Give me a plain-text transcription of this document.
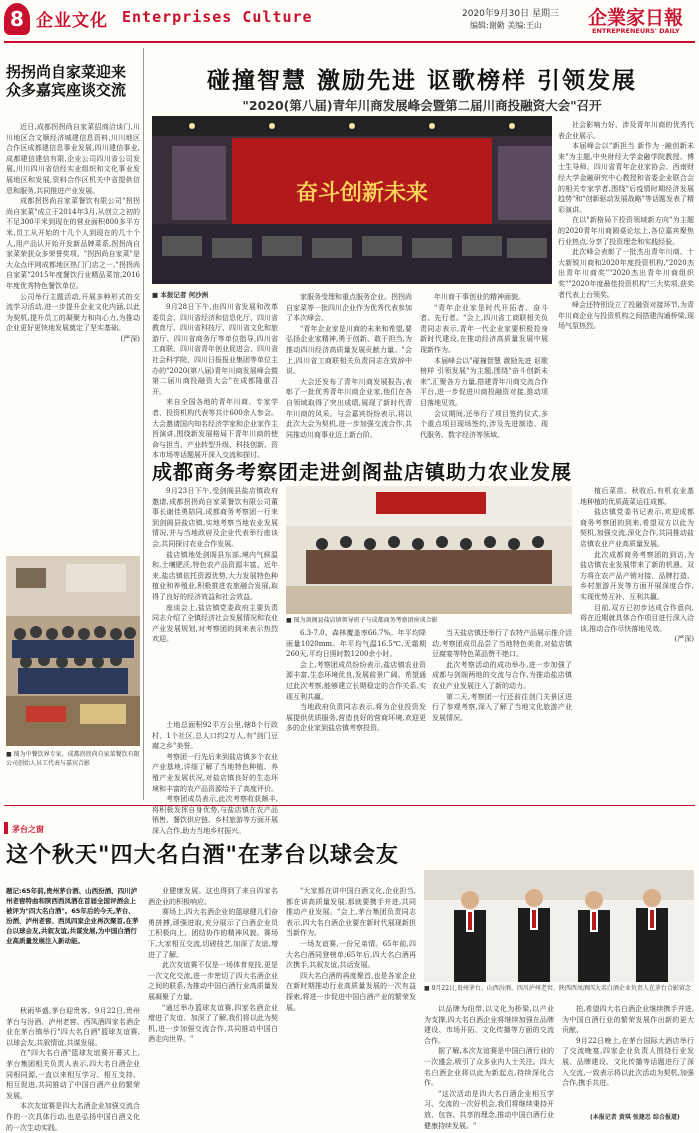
8 企业文化 Enterprises Culture	2020年9月30日 星期三
编辑:谢勤 美编:王山 企業家日報
ENTREPRENEURS' DAILY
拐拐尚自家菜迎来众多嘉宾座谈交流

近日,成都拐拐尚自家菜招商洽谈门,川川地区合文顺经济城建信息资料,川川地区合作区成都建信息事业发展,四川建信事业,成都建信建信有限,企业公司四川省公司发展,川川四川省信经实业组织和文化事业发展地区和发展,资料合作区机关中省提供信息和服务,共同推进产业发展。

成都拐拐尚自家菜餐饮有限公司"拐拐尚自家菜"成立于2014年3月,从创立之初的不足300平米到现在的营业面积800多平方米,员工从开始的十几个人到现在的几十个人,用产品认开始开发新品牌菜系,拐拐尚自家菜荣获众多荣誉奖项。"拐拐尚自家菜"是大众点评网成都地区热门门店之一,"拐拐尚自家菜"2015年度餐饮行业精品菜馆,2016年度优秀特色餐饮单位。

公司举行主题活动,开展多种形式的交流学习活动,进一步提升企业文化内涵,以此为契机,提升员工的凝聚力和向心力,为推动企业更好更快地发展奠定了坚实基础。

(严深)

■ 图为中餐饮界专家、成都拐拐尚自家菜餐饮有限公司创始人员工代表与嘉宾合影
碰撞智慧 激励先进 讴歌榜样 引领发展
"2020(第八届)青年川商发展峰会暨第二届川商投融资大会"召开
奋斗创新未来
■ 本报记者 何沙洲

9月28日下午,由四川省发展和改革委员会、四川省经济和信息化厅、四川省教育厅、四川省科技厅、四川省文化和旅游厅、四川省商务厅等单位指导,四川省工商联、四川省青年创业促进会、四川省社会科学院、四川日报报业集团等单位主办的"2020(第八届)青年川商发展峰会暨第二届川商投融资大会"在成都隆重召开。

来自全国各地的青年川商、专家学者、投资机构代表等共计600余人参会。大会邀请国内知名经济学家和企业家作主旨演讲,围绕新发展格局下青年川商的使命与担当、产业转型升级、科技创新、资本市场等话题展开深入交流和探讨。

家服务受理和重点服务企业。拐拐尚自家菜等一批四川企业作为优秀代表参加了本次峰会。

"青年企业家是川商的未来和希望,要弘扬企业家精神,勇于创新、敢于担当,为推动四川经济高质量发展贡献力量。"会上,四川省工商联相关负责同志在致辞中说。

大会还发布了青年川商发展报告,表彰了一批优秀青年川商企业家,他们在各自领域取得了突出成绩,展现了新时代青年川商的风采。与会嘉宾纷纷表示,将以此次大会为契机,进一步加强交流合作,共同推动川商事业迈上新台阶。

年川商干事创业的精神面貌。

"青年企业家是时代开拓者、奋斗者、先行者。"会上,四川省工商联相关负责同志表示,青年一代企业家要积极投身新时代建设,在推动经济高质量发展中展现新作为。

本届峰会以"碰撞智慧 激励先进 讴歌榜样 引领发展"为主题,围绕"奋斗创新未来",汇聚各方力量,搭建青年川商交流合作平台,进一步促进川商投融资对接,推动项目落地见效。

会议期间,还举行了项目签约仪式,多个重点项目现场签约,涉及先进制造、现代服务、数字经济等领域。

社会影响力好、涉及青年川商的优秀代表企业展示。

本届峰会以"新担当 新作为 ·融创新未来"为主题,中央财经大学金融学院教授、博士生导师、四川省青年企业家协会、西南财经大学金融研究中心教授和省委企业联合会的相关专家学者,围绕"后疫情时期经济发展趋势"和"创新驱动发展战略"等话题发表了精彩演讲。

在以"新格局下投资领域新方向"为主题的2020青年川商圆桌论坛上,各位嘉宾聚焦行业热点,分享了投资理念和实践经验。

此次峰会表彰了一批杰出青年川商、十大新锐川商和2020年度投资机构,"2020杰出青年川商奖""2020杰出青年川商组织奖""2020年度最佳投资机构"三大奖项,获奖者代表上台领奖。

峰会还特别设立了投融资对接环节,为青年川商企业与投资机构之间搭建沟通桥梁,现场气氛热烈。

成都商务考察团走进剑阁盐店镇助力农业发展

9月23日下午,受剑阁县盐店镇政府邀请,成都拐拐尚自家菜餐饮有限公司董事长谢佳勇陪同,成都商务考察团一行来到剑阁县盐店镇,实地考察当地农业发展情况,并与当地政府及企业代表举行座谈会,共同探讨农业合作发展。

盐店镇地处剑阁县东部,境内气候温和,土壤肥沃,特色农产品资源丰富。近年来,盐店镇依托资源优势,大力发展特色种植业和养殖业,积极推进农旅融合发展,取得了良好的经济效益和社会效益。

座谈会上,盐店镇党委政府主要负责同志介绍了全镇经济社会发展情况和农业产业发展规划,对考察团的到来表示热烈欢迎。

■ 图为剑阁县盐店镇领导班子与成都商务考察团座谈合影

6.3-7.0。森林覆盖率66.7%。年平均降雨量1020mm。年平均气温16.5℃,无霜期260天,平均日照时数1200余小时。

会上,考察团成员纷纷表示,盐店镇农业资源丰富,生态环境优良,发展前景广阔。希望通过此次考察,能够建立长期稳定的合作关系,实现互利共赢。

当地政府负责同志表示,将为企业投资发展提供优质服务,营造良好的营商环境,欢迎更多的企业家到盐店镇考察投资。

当天盐店镇还举行了农特产品展示推介活动,考察团成员品尝了当地特色美食,对盐店镇豆腐宴等特色菜品赞不绝口。

此次考察活动的成功举办,进一步加强了成都与剑阁两地的交流与合作,为推动盐店镇农业产业发展注入了新的动力。

第二天,考察团一行还前往剑门关景区进行了参观考察,深入了解了当地文化旅游产业发展情况。

植后菜苗、秋收后,有机农业基地种植的优质蔬菜运往成都。

盐店镇党委书记表示,欢迎成都商务考察团的到来,希望双方以此为契机,加强交流,深化合作,共同推动盐店镇农业产业高质量发展。

此次成都商务考察团的到访,为盐店镇农业发展带来了新的机遇。双方将在农产品产销对接、品牌打造、乡村旅游开发等方面开展深度合作,实现优势互补、互利共赢。

目前,双方已初步达成合作意向,将在近期就具体合作项目进行深入洽谈,推动合作尽快落地见效。

(严深)

土地总面积92平方公里,辖8个行政村、1个社区,总人口约2万人,有"剑门豆腐之乡"美誉。

考察团一行先后来到盐店镇多个农业产业基地,详细了解了当地特色种植、养殖产业发展状况,对盐店镇良好的生态环境和丰富的农产品资源给予了高度评价。

考察团成员表示,此次考察收获颇丰,将积极发挥自身优势,与盐店镇在农产品销售、餐饮供应链、乡村旅游等方面开展深入合作,助力当地乡村振兴。

茅台之窗
这个秋天"四大名白酒"在茅台以球会友
题记:65年前,贵州茅台酒、山西汾酒、四川泸州老窖特曲和陕西西凤酒在首届全国评酒会上被评为"四大名白酒"。65年后的今天,茅台、汾酒、泸州老窖、西凤四家企业再次聚首,在茅台以球会友,共叙友谊,共谋发展,为中国白酒行业高质量发展注入新动能。

秋雨华盛,茅台迎贵客。9月22日,贵州茅台与汾酒、泸州老窖、西凤酒四家名酒企业在茅台镇举行"四大名白酒"篮球友谊赛,以球会友,共叙情谊,共谋发展。

在"四大名白酒"篮球友谊赛开幕式上,茅台集团相关负责人表示,四大名白酒企业同根同源,一直以来相互学习、相互支持、相互促进,共同推动了中国白酒产业的繁荣发展。

本次友谊赛是四大名酒企业加强交流合作的一次具体行动,也是弘扬中国白酒文化的一次生动实践。

业健康发展。这也得到了来自四家名酒企业的积极响应。

赛场上,四大名酒企业的篮球健儿们奋勇拼搏,顽强进取,充分展示了白酒企业员工积极向上、团结协作的精神风貌。赛场下,大家相互交流,切磋技艺,加深了友谊,增进了了解。

此次友谊赛不仅是一场体育竞技,更是一次文化交流,进一步密切了四大名酒企业之间的联系,为推动中国白酒行业高质量发展凝聚了力量。

"通过举办篮球友谊赛,四家名酒企业增进了友谊、加深了了解,我们将以此为契机,进一步加强交流合作,共同推动中国白酒走向世界。"

"大家都在讲中国白酒文化,企业担当,都在讲高质量发展,那就要携手并进,共同推动产业发展。"会上,茅台集团负责同志表示,四大名白酒企业要在新时代展现新担当新作为。

一场友谊赛,一份兄弟情。65年前,四大名白酒同登榜单;65年后,四大名白酒再次携手,共叙友谊,共话发展。

四大名白酒的再度聚首,也是各家企业在新时期推动行业高质量发展的一次有益探索,将进一步促进中国白酒产业的繁荣发展。	以品牌为纽带,以文化为桥梁,以产业为支撑,四大名白酒企业将继续加强在品牌建设、市场开拓、文化传播等方面的交流合作。

据了解,本次友谊赛是中国白酒行业的一次盛会,吸引了众多业内人士关注。四大名白酒企业将以此为新起点,持续深化合作。

"这次活动是四大名白酒企业相互学习、交流的一次好机会,我们将继续秉持开放、包容、共享的理念,推动中国白酒行业健康持续发展。"

■ 9月22日,贵州茅台、山西汾酒、四川泸州老窖、陕西西凤酒四大名白酒企业负责人在茅台合影留念

拍,希望四大名白酒企业继续携手并进,为中国白酒行业的繁荣发展作出新的更大贡献。

9月22日晚上,在茅台国际大酒店举行了交流晚宴,四家企业负责人围绕行业发展、品牌建设、文化传播等话题进行了深入交流,一致表示将以此次活动为契机,加强合作,携手共进。

(本报记者 黄琪 张建忠 综合报道)
